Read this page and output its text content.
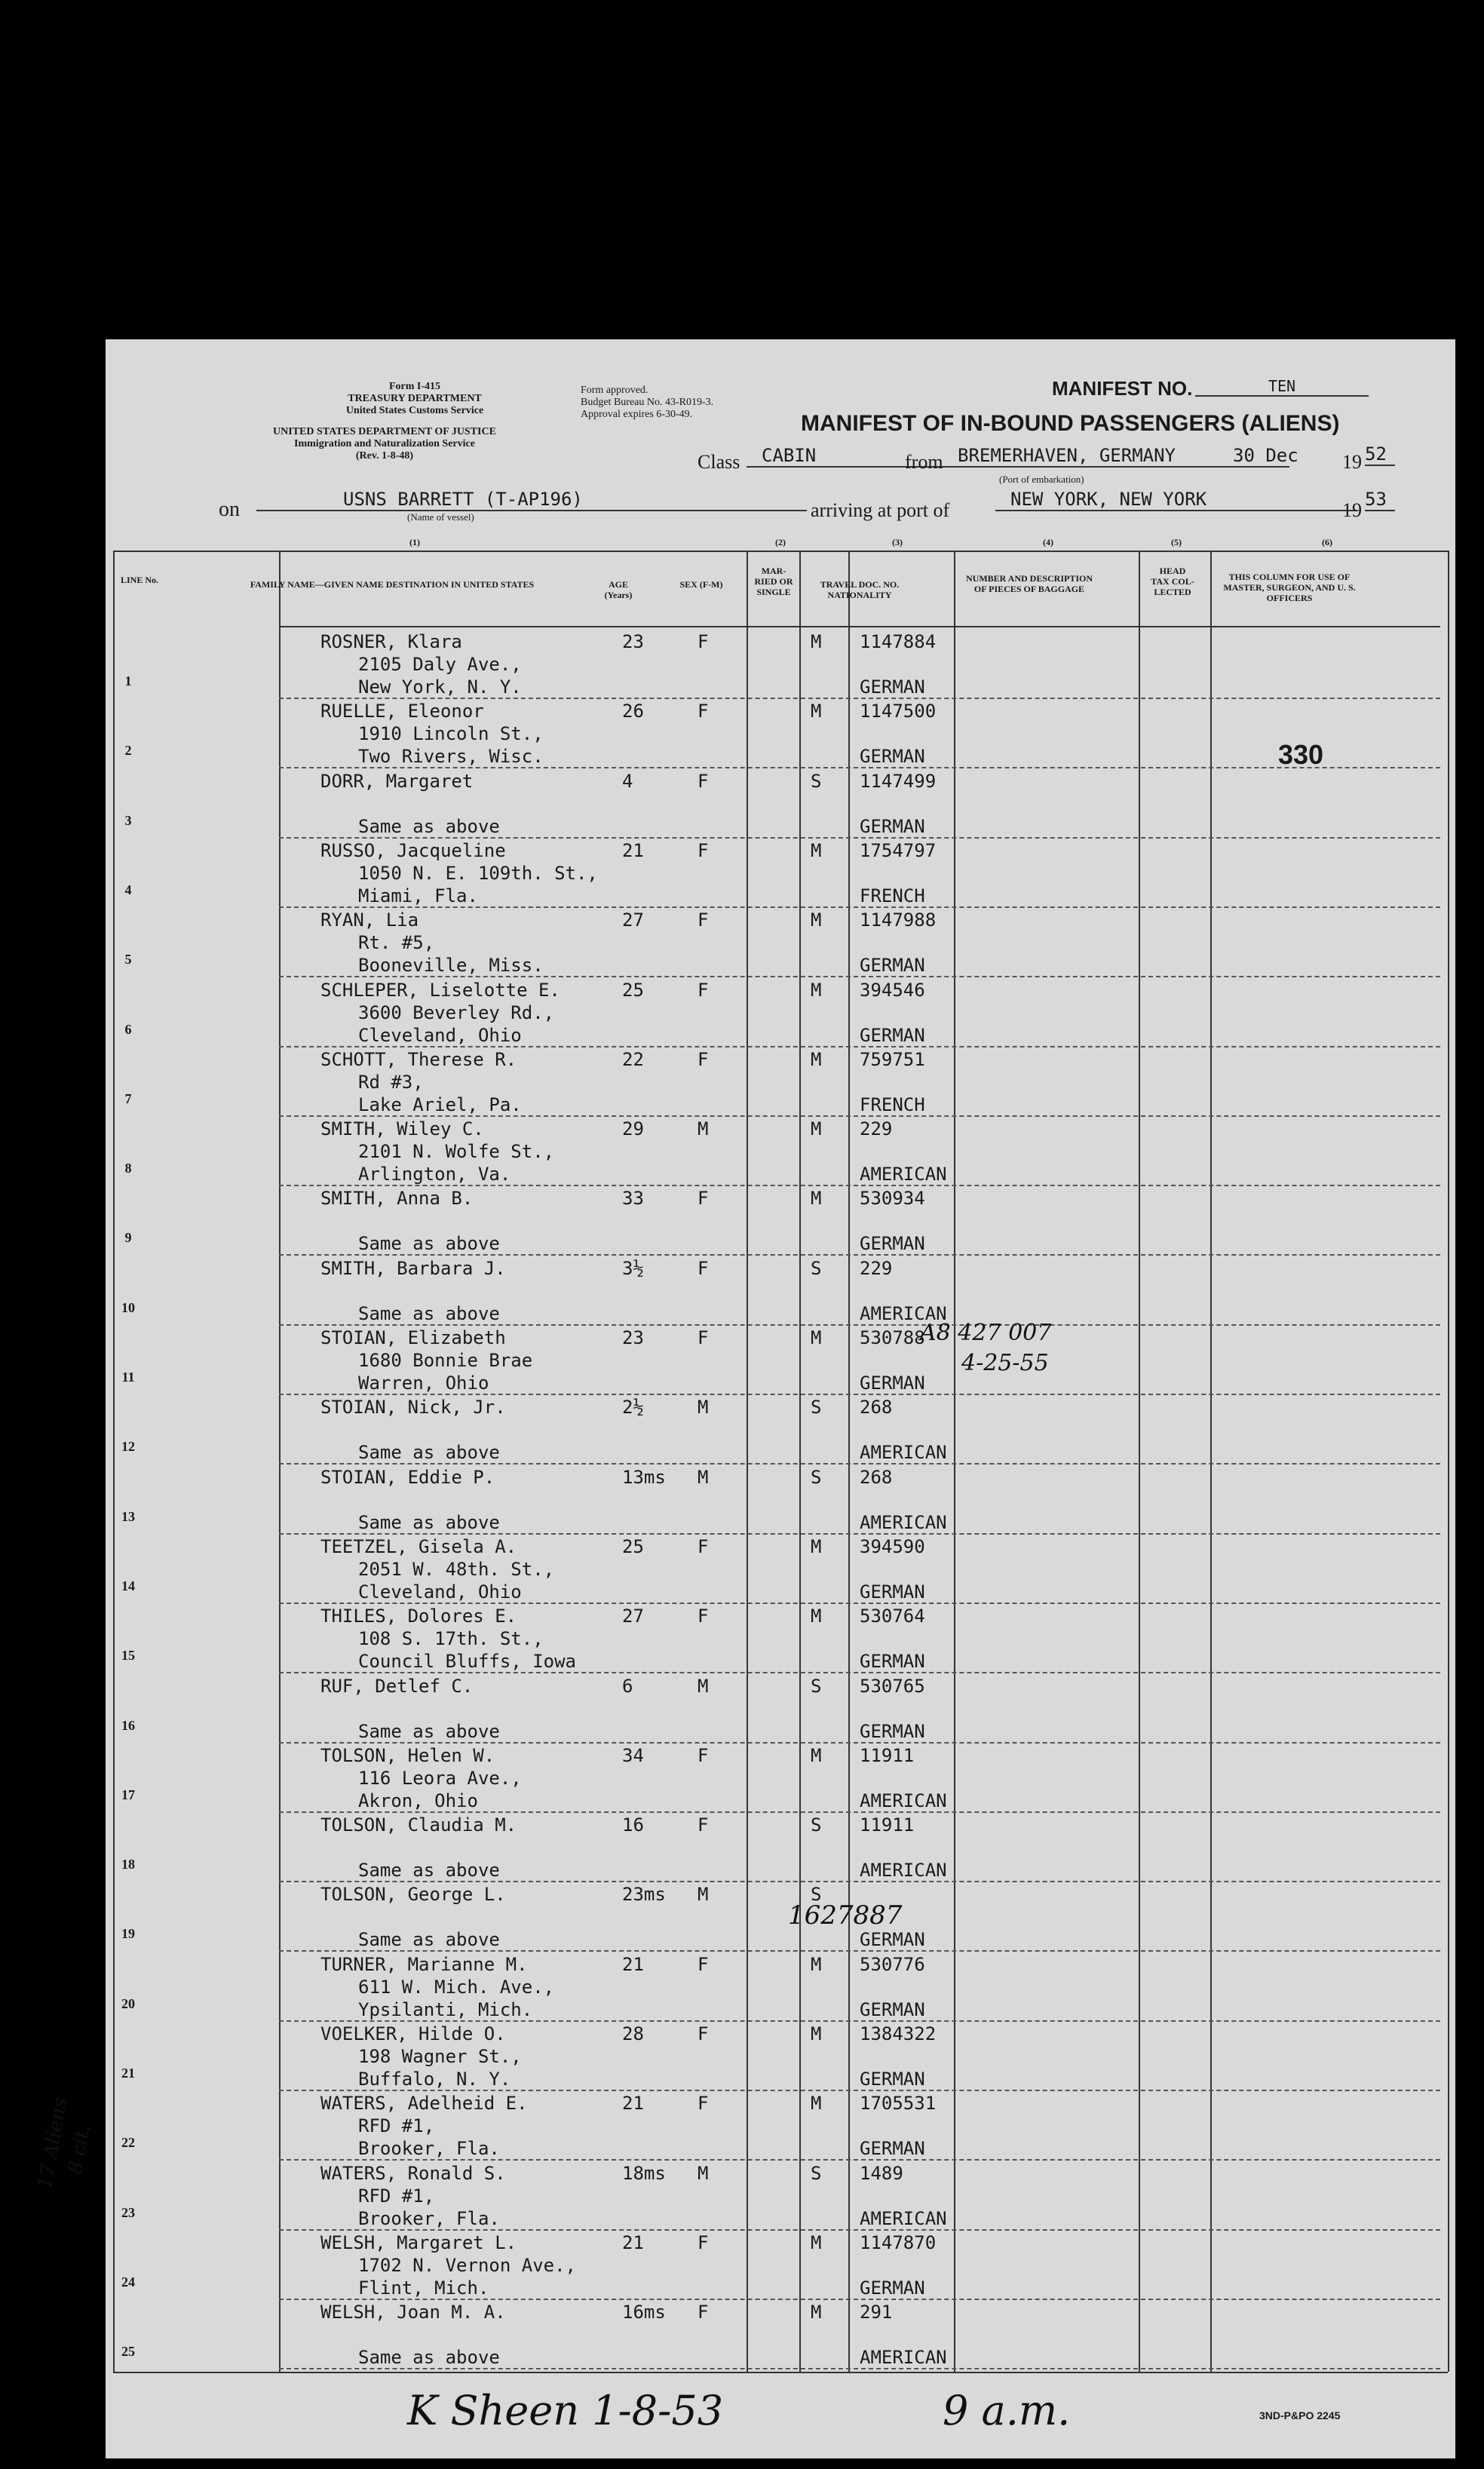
Form I-415
TREASURY DEPARTMENT
United States Customs Service
UNITED STATES DEPARTMENT OF JUSTICE
Immigration and Naturalization Service
(Rev. 1-8-48)
Form approved.
Budget Bureau No. 43-R019-3.
Approval expires 6-30-49.
MANIFEST NO.	TEN
MANIFEST OF IN-BOUND PASSENGERS (ALIENS)
Class	CABIN	from BREMERHAVEN, GERMANY	30 Dec 19 52
(Port of embarkation)
on	USNS BARRETT (T-AP196)
(Name of vessel)	arriving at port of	NEW YORK, NEW YORK	19 53
(1)	(2)	(3)	(4)	(5)	(6)
LINE No.	FAMILY NAME—GIVEN NAME DESTINATION IN UNITED STATES	AGE (Years)
SEX (F-M)
MAR- RIED OR SINGLE
TRAVEL DOC. NO. NATIONALITY
NUMBER AND DESCRIPTION OF PIECES OF BAGGAGE
HEAD TAX COL- LECTED
THIS COLUMN FOR USE OF MASTER, SURGEON, AND U. S. OFFICERS
1
ROSNER, Klara
2105 Daly Ave.,
New York, N. Y.
23	F	M 1147884
GERMAN
2
RUELLE, Eleonor
1910 Lincoln St.,
Two Rivers, Wisc.
26	F	M 1147500
GERMAN
3
DORR, Margaret
Same as above
4	F	S 1147499
GERMAN
4
RUSSO, Jacqueline
1050 N. E. 109th. St.,
Miami, Fla.
21	F	M 1754797
FRENCH
5
RYAN, Lia
Rt. #5,
Booneville, Miss.
27	F	M 1147988
GERMAN
6
SCHLEPER, Liselotte E.
3600 Beverley Rd.,
Cleveland, Ohio
25	F	M 394546
GERMAN
7
SCHOTT, Therese R.
Rd #3,
Lake Ariel, Pa.
22	F	M 759751
FRENCH
8
SMITH, Wiley C.
2101 N. Wolfe St.,
Arlington, Va.
29	M	M 229
AMERICAN
9
SMITH, Anna B.
Same as above
33	F	M 530934
GERMAN
10
SMITH, Barbara J.
Same as above
3½	F	S 229
AMERICAN
11
STOIAN, Elizabeth
1680 Bonnie Brae
Warren, Ohio
23	F	M 530788
GERMAN
12
STOIAN, Nick, Jr.
Same as above
2½	M	S 268
AMERICAN
13
STOIAN, Eddie P.
Same as above
13ms M	S 268
AMERICAN
14
TEETZEL, Gisela A.
2051 W. 48th. St.,
Cleveland, Ohio
25	F	M 394590
GERMAN
15
THILES, Dolores E.
108 S. 17th. St.,
Council Bluffs, Iowa
27	F	M 530764
GERMAN
16
RUF, Detlef C.
Same as above
6	M	S 530765
GERMAN
17
TOLSON, Helen W.
116 Leora Ave.,
Akron, Ohio
34	F	M 11911
AMERICAN
18
TOLSON, Claudia M.
Same as above
16	F	S 11911
AMERICAN
19
TOLSON, George L.
Same as above
23ms M	S
GERMAN
20
TURNER, Marianne M.
611 W. Mich. Ave.,
Ypsilanti, Mich.
21	F	M 530776
GERMAN
21
VOELKER, Hilde O.
198 Wagner St.,
Buffalo, N. Y.
28	F	M 1384322
GERMAN
22
WATERS, Adelheid E.
RFD #1,
Brooker, Fla.
21	F	M 1705531
GERMAN
23
WATERS, Ronald S.
RFD #1,
Brooker, Fla.
18ms M	S 1489
AMERICAN
24
WELSH, Margaret L.
1702 N. Vernon Ave.,
Flint, Mich.
21	F	M 1147870
GERMAN
25
WELSH, Joan M. A.
Same as above
16ms F	M 291
AMERICAN
330
A8 427 007
4-25-55
1627887
17 Aliens
8 cit.
K Sheen 1-8-53	9 a.m.	3ND-P&PO 2245
